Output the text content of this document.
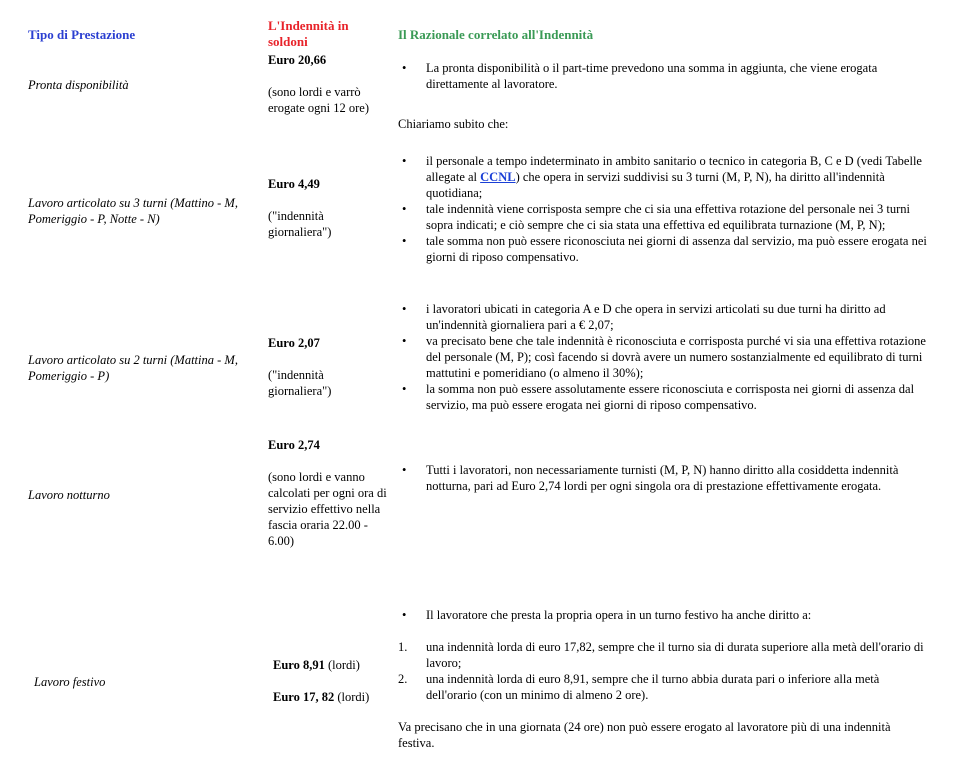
Tipo di Prestazione
L'Indennità in soldoni	Il Razionale correlato all'Indennità
Pronta disponibilità
Euro 20,66
(sono lordi e varrò erogate ogni 12 ore)
• La pronta disponibilità o il part-time prevedono una somma in aggiunta, che viene erogata direttamente al lavoratore.

Chiariamo subito che:

Lavoro articolato su 3 turni (Mattino - M, Pomeriggio - P, Notte - N)
Euro 4,49
("indennità giornaliera")
• il personale a tempo indeterminato in ambito sanitario o tecnico in categoria B, C e D (vedi Tabelle allegate al CCNL) che opera in servizi suddivisi su 3 turni (M, P, N), ha diritto all'indennità quotidiana;
• tale indennità viene corrisposta sempre che ci sia una effettiva rotazione del personale nei 3 turni sopra indicati; e ciò sempre che ci sia stata una effettiva ed equilibrata turnazione (M, P, N);
• tale somma non può essere riconosciuta nei giorni di assenza dal servizio, ma può essere erogata nei giorni di riposo compensativo.
Lavoro articolato su 2 turni (Mattina - M, Pomeriggio - P)
Euro 2,07
("indennità giornaliera")
• i lavoratori ubicati in categoria A e D che opera in servizi articolati su due turni ha diritto ad un'indennità giornaliera pari a € 2,07;
• va precisato bene che tale indennità è riconosciuta e corrisposta purché vi sia una effettiva rotazione del personale (M, P); così facendo si dovrà avere un numero sostanzialmente ed equilibrato di turni mattutini e pomeridiano (o almeno il 30%);
• la somma non può essere assolutamente essere riconosciuta e corrisposta nei giorni di assenza dal servizio, ma può essere erogata nei giorni di riposo compensativo.
Lavoro notturno
Euro 2,74
(sono lordi e vanno calcolati per ogni ora di servizio effettivo nella fascia oraria 22.00 - 6.00)
• Tutti i lavoratori, non necessariamente turnisti (M, P, N) hanno diritto alla cosiddetta indennità notturna, pari ad Euro 2,74 lordi per ogni singola ora di prestazione effettivamente erogata.
Lavoro festivo
Euro 8,91 (lordi)
Euro 17, 82 (lordi)
• Il lavoratore che presta la propria opera in un turno festivo ha anche diritto a:
1. una indennità lorda di euro 17,82, sempre che il turno sia di durata superiore alla metà dell'orario di lavoro;
2. una indennità lorda di euro 8,91, sempre che il turno abbia durata pari o inferiore alla metà dell'orario (con un minimo di almeno 2 ore).

Va precisano che in una giornata (24 ore) non può essere erogato al lavoratore più di una indennità festiva.
